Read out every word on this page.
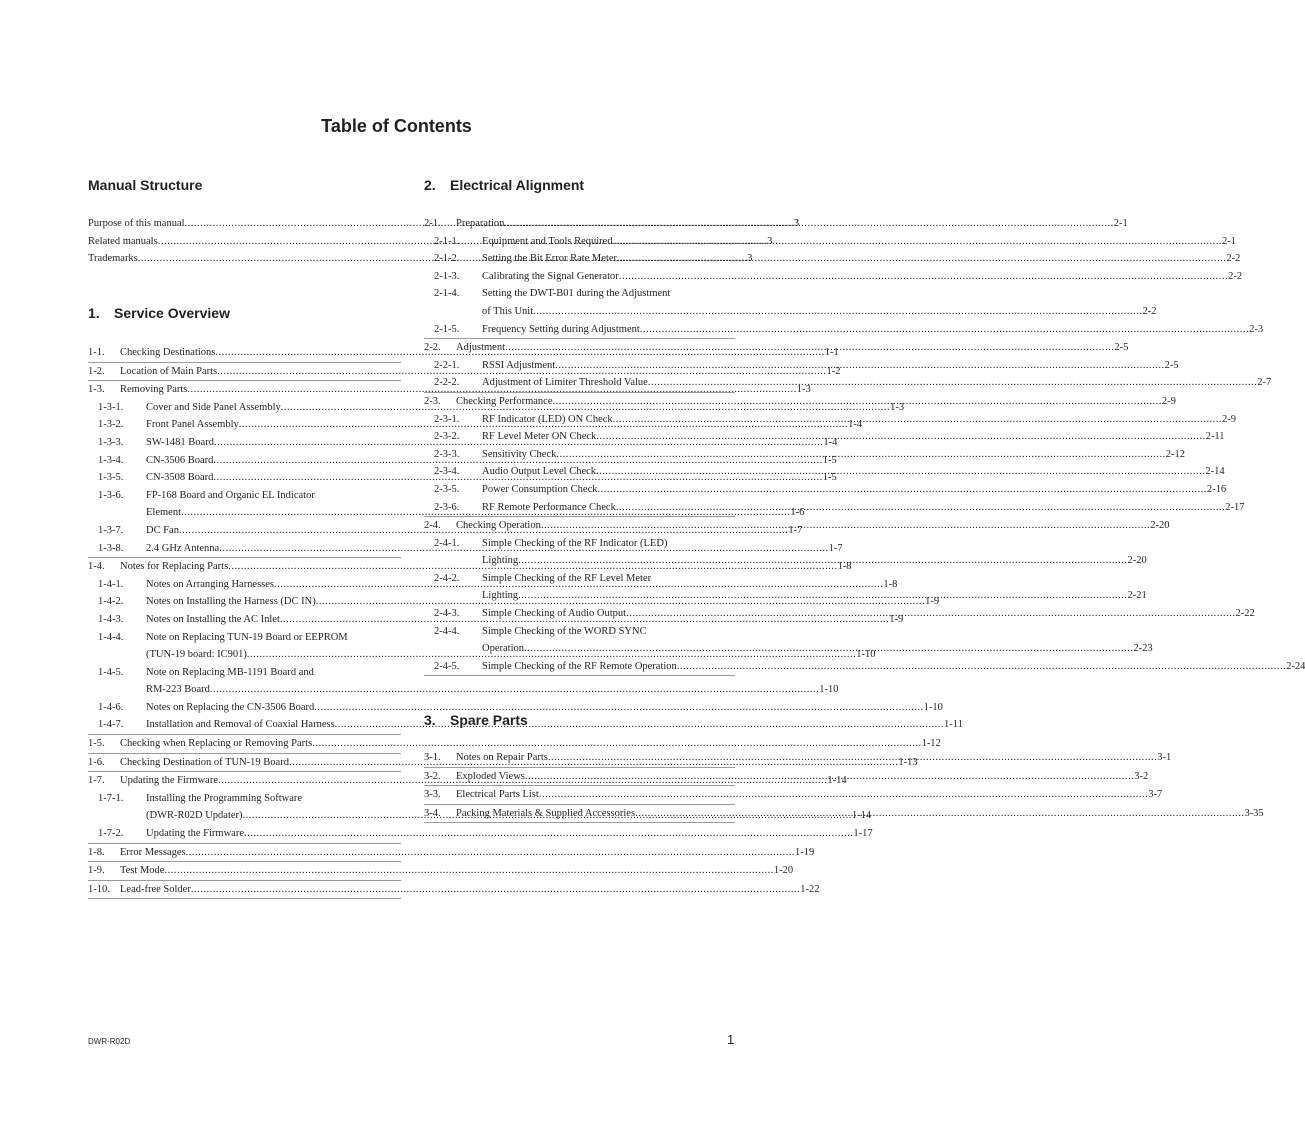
Table of Contents
Manual Structure
Purpose of this manual .....	3
Related manuals .....	3
Trademarks .....	3
1. Service Overview
1-1.	Checking Destinations .....	1-1
1-2.	Location of Main Parts .....	1-2
1-3.	Removing Parts .....	1-3
1-3-1.	Cover and Side Panel Assembly .....	1-3
1-3-2.	Front Panel Assembly .....	1-4
1-3-3.	SW-1481 Board .....	1-4
1-3-4.	CN-3506 Board .....	1-5
1-3-5.	CN-3508 Board .....	1-5
1-3-6.	FP-168 Board and Organic EL Indicator
Element .....	1-6
1-3-7.	DC Fan .....	1-7
1-3-8.	2.4 GHz Antenna .....	1-7
1-4.	Notes for Replacing Parts .....	1-8
1-4-1.	Notes on Arranging Harnesses .....	1-8
1-4-2.	Notes on Installing the Harness (DC IN) .....	1-9
1-4-3.	Notes on Installing the AC Inlet .....	1-9
1-4-4.	Note on Replacing TUN-19 Board or EEPROM
(TUN-19 board: IC901) .....	1-10
1-4-5.	Note on Replacing MB-1191 Board and
RM-223 Board .....	1-10
1-4-6.	Notes on Replacing the CN-3506 Board .....	1-10
1-4-7.	Installation and Removal of Coaxial Harness .....	1-11
1-5.	Checking when Replacing or Removing Parts .....	1-12
1-6.	Checking Destination of TUN-19 Board .....	1-13
1-7.	Updating the Firmware .....	1-14
1-7-1.	Installing the Programming Software
(DWR-R02D Updater) .....	1-14
1-7-2.	Updating the Firmware .....	1-17
1-8.	Error Messages .....	1-19
1-9.	Test Mode .....	1-20
1-10. Lead-free Solder .....	1-22
2. Electrical Alignment
2-1.	Preparation .....	2-1
2-1-1.	Equipment and Tools Required .....	2-1
2-1-2.	Setting the Bit Error Rate Meter .....	2-2
2-1-3.	Calibrating the Signal Generator .....	2-2
2-1-4.	Setting the DWT-B01 during the Adjustment
of This Unit .....	2-2
2-1-5.	Frequency Setting during Adjustment .....	2-3
2-2.	Adjustment .....	2-5
2-2-1.	RSSI Adjustment .....	2-5
2-2-2.	Adjustment of Limiter Threshold Value .....	2-7
2-3.	Checking Performance .....	2-9
2-3-1.	RF Indicator (LED) ON Check .....	2-9
2-3-2.	RF Level Meter ON Check .....	2-11
2-3-3.	Sensitivity Check .....	2-12
2-3-4.	Audio Output Level Check .....	2-14
2-3-5.	Power Consumption Check .....	2-16
2-3-6.	RF Remote Performance Check .....	2-17
2-4.	Checking Operation .....	2-20
2-4-1.	Simple Checking of the RF Indicator (LED)
Lighting .....	2-20
2-4-2.	Simple Checking of the RF Level Meter
Lighting .....	2-21
2-4-3.	Simple Checking of Audio Output .....	2-22
2-4-4.	Simple Checking of the WORD SYNC
Operation .....	2-23
2-4-5.	Simple Checking of the RF Remote Operation .....	2-24
3. Spare Parts
3-1.	Notes on Repair Parts .....	3-1
3-2.	Exploded Views .....	3-2
3-3.	Electrical Parts List .....	3-7
3-4.	Packing Materials & Supplied Accessories .....	3-35
DWR-R02D	1
